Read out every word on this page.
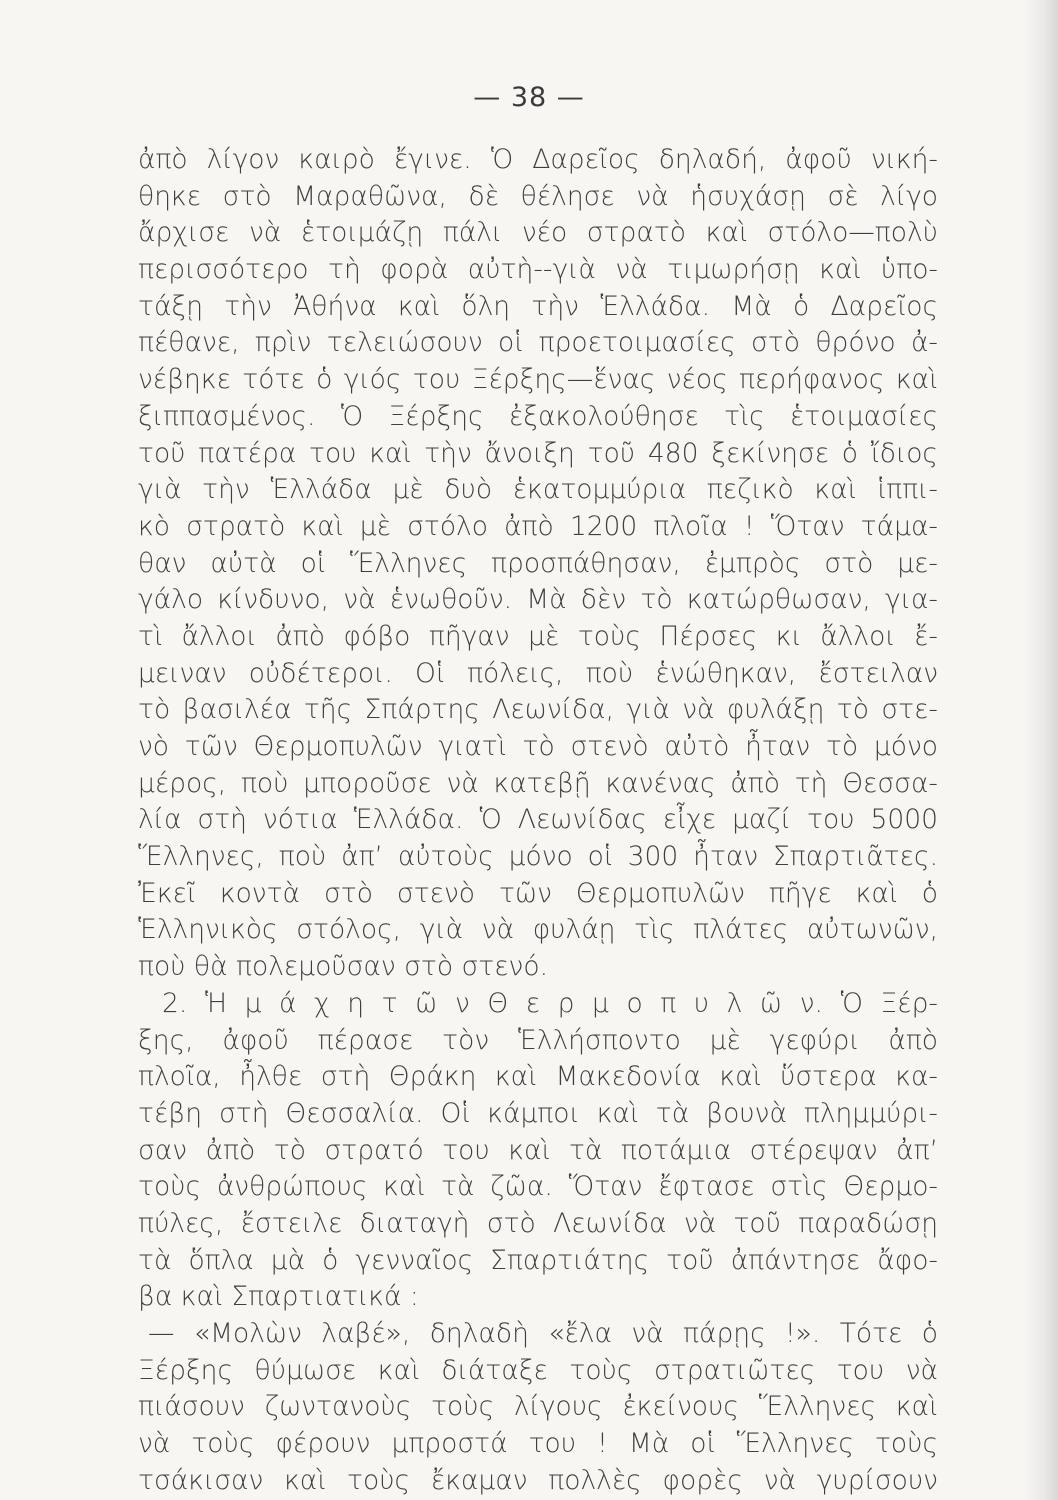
— 38 —
ἀπὸ λίγον καιρὸ ἔγινε. Ὁ Δαρεῖος δηλαδή, ἀφοῦ νική-
θηκε στὸ Μαραθῶνα, δὲ θέλησε νὰ ἡσυχάσῃ σὲ λίγο
ἄρχισε νὰ ἑτοιμάζῃ πάλι νέο στρατὸ καὶ στόλο—πολὺ
περισσότερο τὴ φορὰ αὐτὴ--γιὰ νὰ τιμωρήσῃ καὶ ὑπο-
τάξῃ τὴν Ἀθήνα καὶ ὅλη τὴν Ἑλλάδα. Μὰ ὁ Δαρεῖος
πέθανε, πρὶν τελειώσουν οἱ προετοιμασίες στὸ θρόνο ἀ-
νέβηκε τότε ὁ γιός του Ξέρξης—ἕνας νέος περήφανος καὶ
ξιππασμένος. Ὁ Ξέρξης ἐξακολούθησε τὶς ἑτοιμασίες
τοῦ πατέρα του καὶ τὴν ἄνοιξη τοῦ 480 ξεκίνησε ὁ ἴδιος
γιὰ τὴν Ἑλλάδα μὲ δυὸ ἑκατομμύρια πεζικὸ καὶ ἱππι-
κὸ στρατὸ καὶ μὲ στόλο ἀπὸ 1200 πλοῖα ! Ὅταν τάμα-
θαν αὐτὰ οἱ Ἕλληνες προσπάθησαν, ἐμπρὸς στὸ με-
γάλο κίνδυνο, νὰ ἑνωθοῦν. Μὰ δὲν τὸ κατώρθωσαν, για-
τὶ ἄλλοι ἀπὸ φόβο πῆγαν μὲ τοὺς Πέρσες κι ἄλλοι ἔ-
μειναν οὐδέτεροι. Οἱ πόλεις, ποὺ ἑνώθηκαν, ἔστειλαν
τὸ βασιλέα τῆς Σπάρτης Λεωνίδα, γιὰ νὰ φυλάξῃ τὸ στε-
νὸ τῶν Θερμοπυλῶν γιατὶ τὸ στενὸ αὐτὸ ἦταν τὸ μόνο
μέρος, ποὺ μποροῦσε νὰ κατεβῇ κανένας ἀπὸ τὴ Θεσσα-
λία στὴ νότια Ἑλλάδα. Ὁ Λεωνίδας εἶχε μαζί του 5000
Ἕλληνες, ποὺ ἀπ’ αὐτοὺς μόνο οἱ 300 ἦταν Σπαρτιᾶτες.
Ἐκεῖ κοντὰ στὸ στενὸ τῶν Θερμοπυλῶν πῆγε καὶ ὁ
Ἑλληνικὸς στόλος, γιὰ νὰ φυλάῃ τὶς πλάτες αὐτωνῶν,
ποὺ θὰ πολεμοῦσαν στὸ στενό.
2. Ἡ μ ά χ η τ ῶ ν Θ ε ρ μ ο π υ λ ῶ ν. Ὁ Ξέρ-
ξης, ἀφοῦ πέρασε τὸν Ἑλλήσποντο μὲ γεφύρι ἀπὸ
πλοῖα, ἦλθε στὴ Θράκη καὶ Μακεδονία καὶ ὕστερα κα-
τέβη στὴ Θεσσαλία. Οἱ κάμποι καὶ τὰ βουνὰ πλημμύρι-
σαν ἀπὸ τὸ στρατό του καὶ τὰ ποτάμια στέρεψαν ἀπ’
τοὺς ἀνθρώπους καὶ τὰ ζῶα. Ὅταν ἔφτασε στὶς Θερμο-
πύλες, ἔστειλε διαταγὴ στὸ Λεωνίδα νὰ τοῦ παραδώσῃ
τὰ ὅπλα μὰ ὁ γενναῖος Σπαρτιάτης τοῦ ἀπάντησε ἄφο-
βα καὶ Σπαρτιατικά :
— «Μολὼν λαβέ», δηλαδὴ «ἔλα νὰ πάρῃς !». Τότε ὁ
Ξέρξης θύμωσε καὶ διάταξε τοὺς στρατιῶτες του νὰ
πιάσουν ζωντανοὺς τοὺς λίγους ἐκείνους Ἕλληνες καὶ
νὰ τοὺς φέρουν μπροστά του ! Μὰ οἱ Ἕλληνες τοὺς
τσάκισαν καὶ τοὺς ἔκαμαν πολλὲς φορὲς νὰ γυρίσουν
